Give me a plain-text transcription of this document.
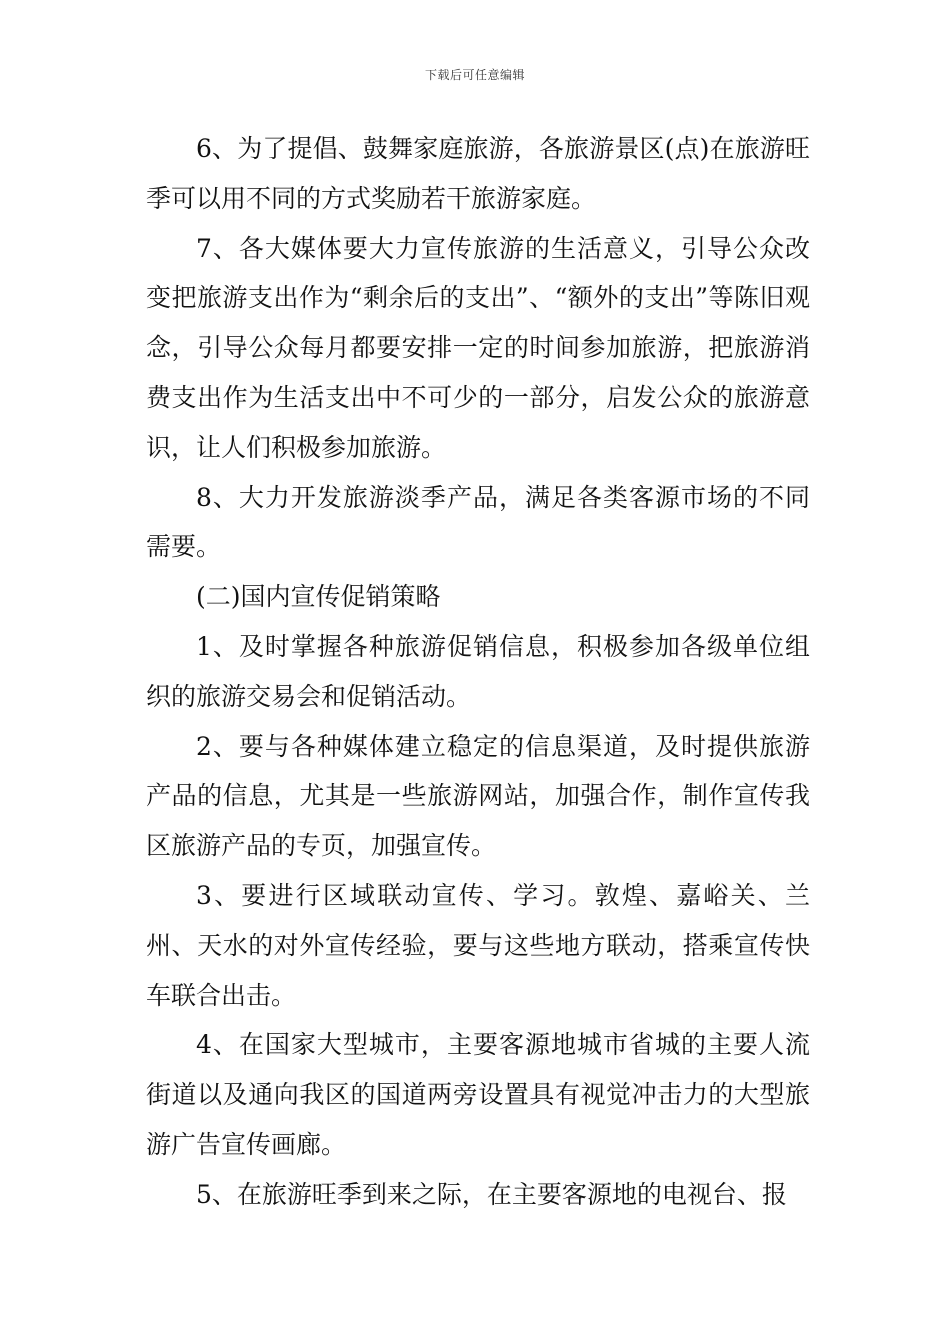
下载后可任意编辑

6、为了提倡、鼓舞家庭旅游，各旅游景区(点)在旅游旺季可以用不同的方式奖励若干旅游家庭。

7、各大媒体要大力宣传旅游的生活意义，引导公众改变把旅游支出作为“剩余后的支出”、“额外的支出”等陈旧观念，引导公众每月都要安排一定的时间参加旅游，把旅游消费支出作为生活支出中不可少的一部分，启发公众的旅游意识，让人们积极参加旅游。

8、大力开发旅游淡季产品，满足各类客源市场的不同需要。

(二)国内宣传促销策略

1、及时掌握各种旅游促销信息，积极参加各级单位组织的旅游交易会和促销活动。

2、要与各种媒体建立稳定的信息渠道，及时提供旅游产品的信息，尤其是一些旅游网站，加强合作，制作宣传我区旅游产品的专页，加强宣传。

3、要进行区域联动宣传、学习。敦煌、嘉峪关、兰州、天水的对外宣传经验，要与这些地方联动，搭乘宣传快车联合出击。

4、在国家大型城市，主要客源地城市省城的主要人流街道以及通向我区的国道两旁设置具有视觉冲击力的大型旅游广告宣传画廊。

5、在旅游旺季到来之际，在主要客源地的电视台、报
